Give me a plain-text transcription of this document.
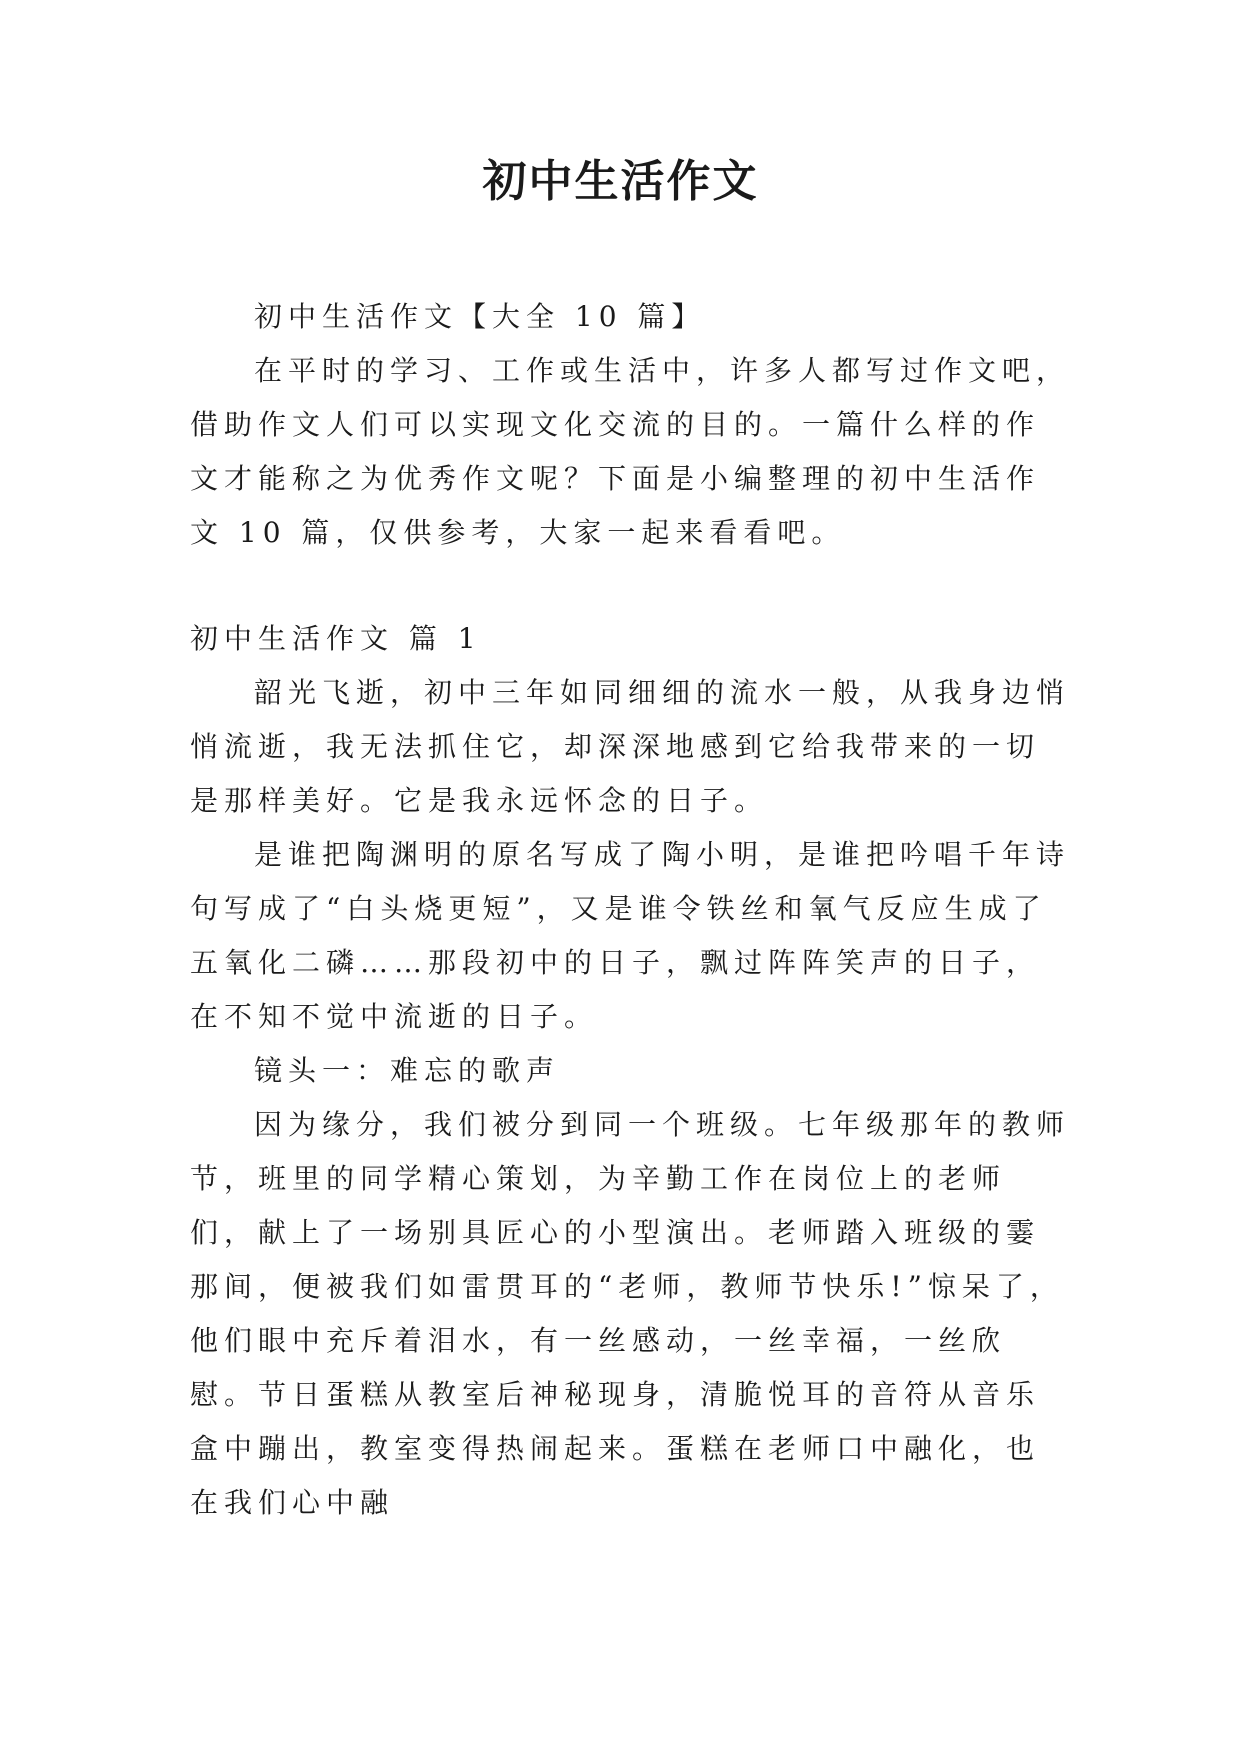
初中生活作文

初中生活作文【大全 10 篇】

在平时的学习、工作或生活中，许多人都写过作文吧，借助作文人们可以实现文化交流的目的。一篇什么样的作文才能称之为优秀作文呢？下面是小编整理的初中生活作文 10 篇，仅供参考，大家一起来看看吧。

初中生活作文 篇 1

韶光飞逝，初中三年如同细细的流水一般，从我身边悄悄流逝，我无法抓住它，却深深地感到它给我带来的一切是那样美好。它是我永远怀念的日子。

是谁把陶渊明的原名写成了陶小明，是谁把吟唱千年诗句写成了“白头烧更短”，又是谁令铁丝和氧气反应生成了五氧化二磷……那段初中的日子，飘过阵阵笑声的日子，在不知不觉中流逝的日子。

镜头一：难忘的歌声

因为缘分，我们被分到同一个班级。七年级那年的教师节，班里的同学精心策划，为辛勤工作在岗位上的老师们，献上了一场别具匠心的小型演出。老师踏入班级的霎那间，便被我们如雷贯耳的“老师，教师节快乐!”惊呆了，他们眼中充斥着泪水，有一丝感动，一丝幸福，一丝欣慰。节日蛋糕从教室后神秘现身，清脆悦耳的音符从音乐盒中蹦出，教室变得热闹起来。蛋糕在老师口中融化，也在我们心中融
